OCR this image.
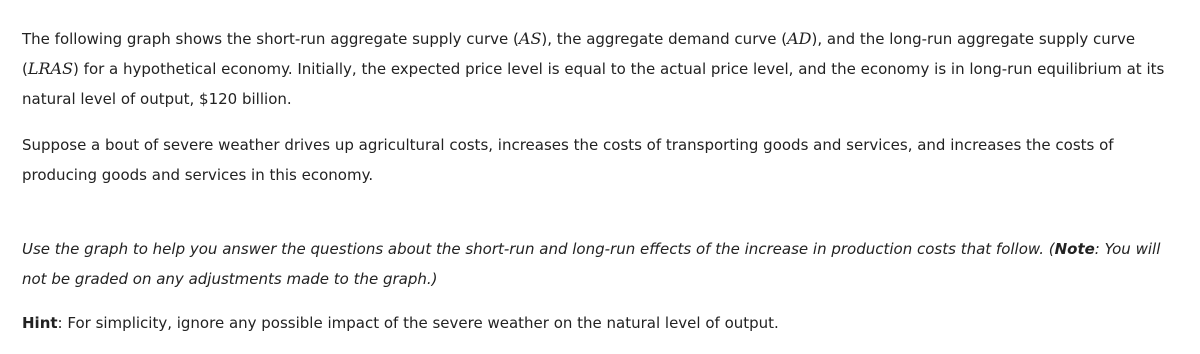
The following graph shows the short-run aggregate supply curve (AS), the aggregate demand curve (AD), and the long-run aggregate supply curve (LRAS) for a hypothetical economy. Initially, the expected price level is equal to the actual price level, and the economy is in long-run equilibrium at its natural level of output, $120 billion.

Suppose a bout of severe weather drives up agricultural costs, increases the costs of transporting goods and services, and increases the costs of producing goods and services in this economy.

Use the graph to help you answer the questions about the short-run and long-run effects of the increase in production costs that follow. (Note: You will not be graded on any adjustments made to the graph.)

Hint: For simplicity, ignore any possible impact of the severe weather on the natural level of output.
